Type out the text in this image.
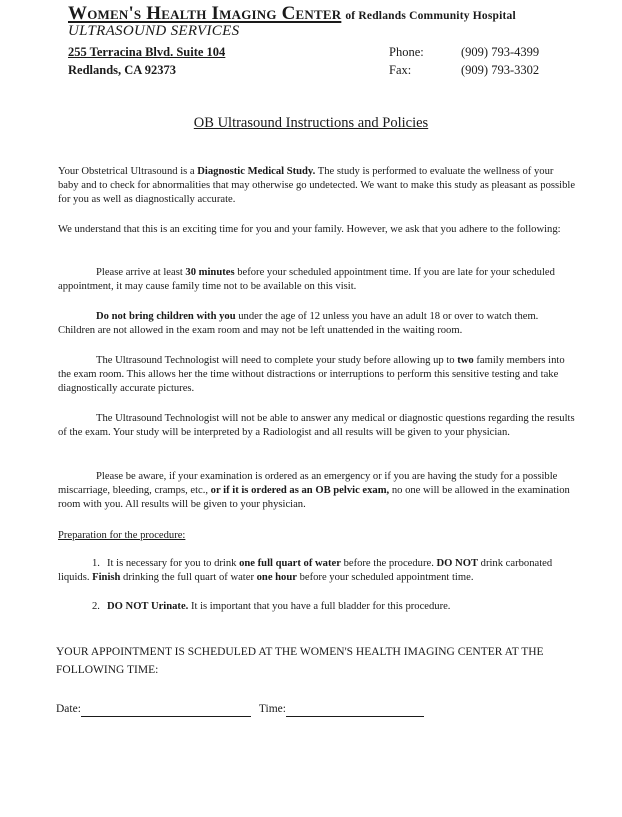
Women's Health Imaging Center of Redlands Community Hospital
ULTRASOUND SERVICES
255 Terracina Blvd. Suite 104
Redlands, CA 92373
Phone:	(909) 793-4399
Fax:	(909) 793-3302
OB Ultrasound Instructions and Policies

Your Obstetrical Ultrasound is a Diagnostic Medical Study. The study is performed to evaluate the wellness of your baby and to check for abnormalities that may otherwise go undetected. We want to make this study as pleasant as possible for you as well as diagnostically accurate.

We understand that this is an exciting time for you and your family. However, we ask that you adhere to the following:

Please arrive at least 30 minutes before your scheduled appointment time. If you are late for your scheduled appointment, it may cause family time not to be available on this visit.

Do not bring children with you under the age of 12 unless you have an adult 18 or over to watch them. Children are not allowed in the exam room and may not be left unattended in the waiting room.

The Ultrasound Technologist will need to complete your study before allowing up to two family members into the exam room. This allows her the time without distractions or interruptions to perform this sensitive testing and take diagnostically accurate pictures.

The Ultrasound Technologist will not be able to answer any medical or diagnostic questions regarding the results of the exam. Your study will be interpreted by a Radiologist and all results will be given to your physician.

Please be aware, if your examination is ordered as an emergency or if you are having the study for a possible miscarriage, bleeding, cramps, etc., or if it is ordered as an OB pelvic exam, no one will be allowed in the examination room with you. All results will be given to your physician.

Preparation for the procedure:
1. It is necessary for you to drink one full quart of water before the procedure. DO NOT drink carbonated liquids. Finish drinking the full quart of water one hour before your scheduled appointment time.
2. DO NOT Urinate. It is important that you have a full bladder for this procedure.
YOUR APPOINTMENT IS SCHEDULED AT THE WOMEN'S HEALTH IMAGING CENTER AT THE FOLLOWING TIME:
Date:	Time:
